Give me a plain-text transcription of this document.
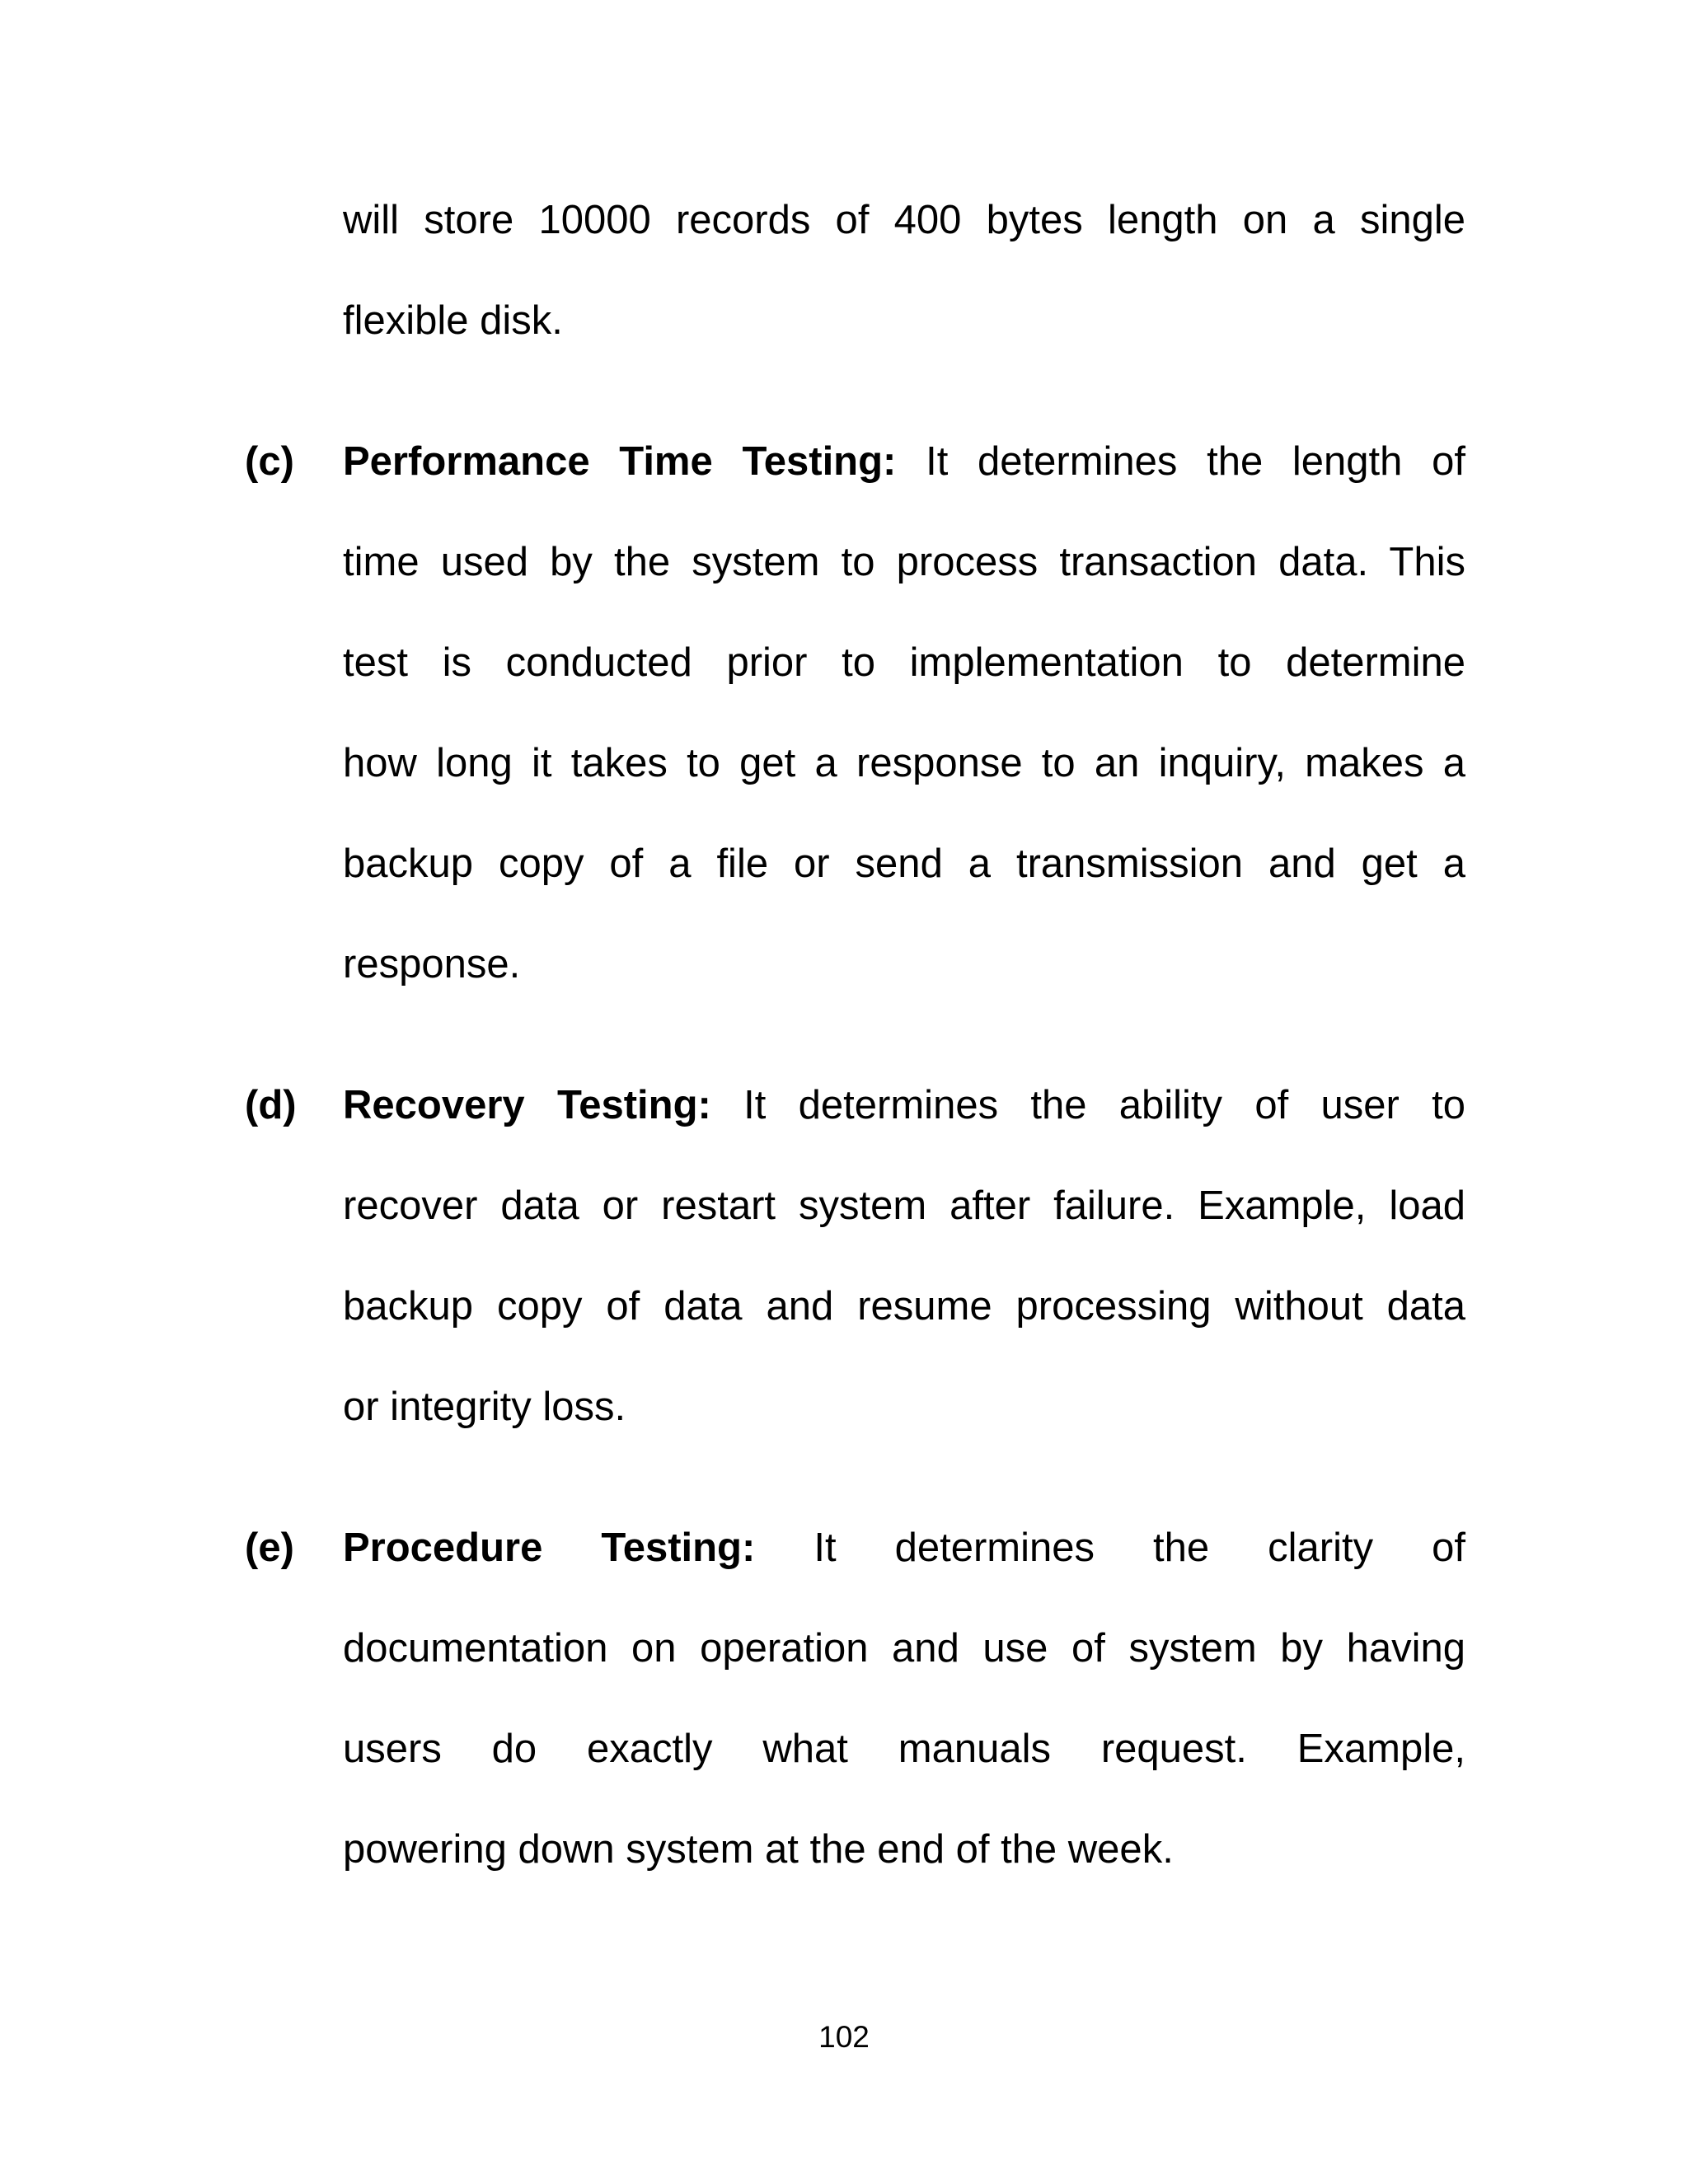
will store 10000 records of 400 bytes length on a single
flexible disk.
(c) Performance Time Testing: It determines the length of
time used by the system to process transaction data. This
test is conducted prior to implementation to determine
how long it takes to get a response to an inquiry, makes a
backup copy of a file or send a transmission and get a
response.
(d) Recovery Testing: It determines the ability of user to
recover data or restart system after failure. Example, load
backup copy of data and resume processing without data
or integrity loss.
(e) Procedure Testing: It determines the clarity of
documentation on operation and use of system by having
users do exactly what manuals request. Example,
powering down system at the end of the week.
102
